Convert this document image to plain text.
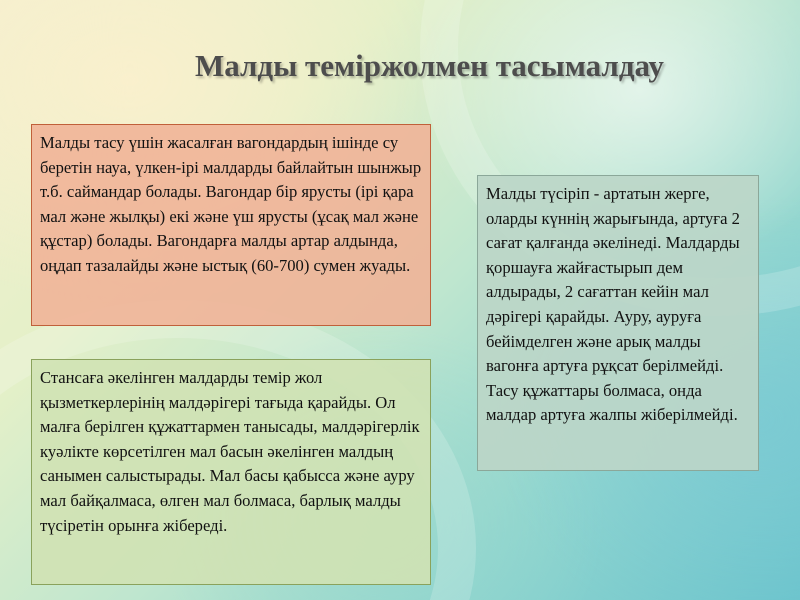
Малды теміржолмен тасымалдау
Малды тасу үшін жасалған вагондардың ішінде су беретін науа, үлкен-ірі малдарды байлайтын шынжыр т.б. саймандар болады. Вагондар бір ярусты (ірі қара мал және жылқы) екі және үш ярусты (ұсақ мал және құстар) болады. Вагондарға малды артар алдында, оңдап тазалайды және ыстық (60-700) сумен жуады.
Стансаға әкелінген малдарды темір жол қызметкерлерінің малдәрігері тағыда қарайды. Ол малға берілген құжаттармен танысады, малдәрігерлік куәлікте көрсетілген мал басын әкелінген малдың санымен салыстырады. Мал басы қабысса және ауру мал байқалмаса, өлген мал болмаса, барлық малды түсіретін орынға жібереді.
Малды түсіріп - артатын жерге, оларды күннің жарығында, артуға 2 сағат қалғанда әкелінеді. Малдарды қоршауға жайғастырып дем алдырады, 2 сағаттан кейін мал дәрігері қарайды. Ауру, ауруға бейімделген және арық малды вагонға артуға рұқсат берілмейді. Тасу құжаттары болмаса, онда малдар артуға жалпы жіберілмейді.
